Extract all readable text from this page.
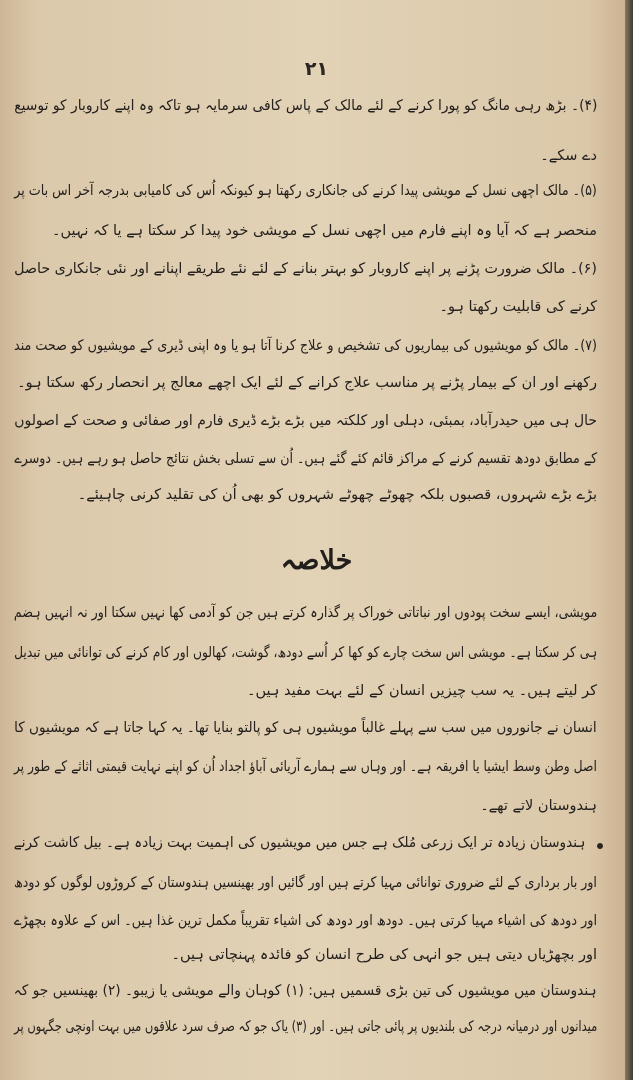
۲۱
(۴)۔ بڑھ رہی مانگ کو پورا کرنے کے لئے مالک کے پاس کافی سرمایہ ہو تاکہ وہ اپنے کاروبار کو توسیع
دے سکے۔
(۵)۔ مالک اچھی نسل کے مویشی پیدا کرنے کی جانکاری رکھتا ہو کیونکہ اُس کی کامیابی بدرجہ آخر اس بات پر
منحصر ہے کہ آیا وہ اپنے فارم میں اچھی نسل کے مویشی خود پیدا کر سکتا ہے یا کہ نہیں۔
(۶)۔ مالک ضرورت پڑنے پر اپنے کاروبار کو بہتر بنانے کے لئے نئے طریقے اپنانے اور نئی جانکاری حاصل
کرنے کی قابلیت رکھتا ہو۔
(۷)۔ مالک کو مویشیوں کی بیماریوں کی تشخیص و علاج کرنا آتا ہو یا وہ اپنی ڈیری کے مویشیوں کو صحت مند
رکھنے اور ان کے بیمار پڑنے پر مناسب علاج کرانے کے لئے ایک اچھے معالج پر انحصار رکھ سکتا ہو۔
حال ہی میں حیدرآباد، بمبئی، دہلی اور کلکتہ میں بڑے بڑے ڈیری فارم اور صفائی و صحت کے اصولوں
کے مطابق دودھ تقسیم کرنے کے مراکز قائم کئے گئے ہیں۔ اُن سے تسلی بخش نتائج حاصل ہو رہے ہیں۔ دوسرے
بڑے بڑے شہروں، قصبوں بلکہ چھوٹے چھوٹے شہروں کو بھی اُن کی تقلید کرنی چاہیئے۔
خلاصہ
مویشی، ایسے سخت پودوں اور نباتاتی خوراک پر گذارہ کرتے ہیں جن کو آدمی کھا نہیں سکتا اور نہ انہیں ہضم
ہی کر سکتا ہے۔ مویشی اس سخت چارے کو کھا کر اُسے دودھ، گوشت، کھالوں اور کام کرنے کی توانائی میں تبدیل
کر لیتے ہیں۔ یہ سب چیزیں انسان کے لئے بہت مفید ہیں۔
انسان نے جانوروں میں سب سے پہلے غالباً مویشیوں ہی کو پالتو بنایا تھا۔ یہ کہا جاتا ہے کہ مویشیوں کا
اصل وطن وسط ایشیا یا افریقہ ہے۔ اور وہاں سے ہمارے آریائی آباؤ اجداد اُن کو اپنے نہایت قیمتی اثاثے کے طور پر
ہندوستان لاتے تھے۔
ہندوستان زیادہ تر ایک زرعی مُلک ہے جس میں مویشیوں کی اہمیت بہت زیادہ ہے۔ بیل کاشت کرنے
اور بار برداری کے لئے ضروری توانائی مہیا کرتے ہیں اور گائیں اور بھینسیں ہندوستان کے کروڑوں لوگوں کو دودھ
اور دودھ کی اشیاء مہیا کرتی ہیں۔ دودھ اور دودھ کی اشیاء تقریباً مکمل ترین غذا ہیں۔ اس کے علاوہ بچھڑے
اور بچھڑیاں دیتی ہیں جو انہی کی طرح انسان کو فائدہ پہنچاتی ہیں۔
ہندوستان میں مویشیوں کی تین بڑی قسمیں ہیں: (۱) کوہان والے مویشی یا زیبو۔ (۲) بھینسیں جو کہ
میدانوں اور درمیانہ درجہ کی بلندیوں پر پائی جاتی ہیں۔ اور (۳) یاک جو کہ صرف سرد علاقوں میں بہت اونچی جگہوں پر
